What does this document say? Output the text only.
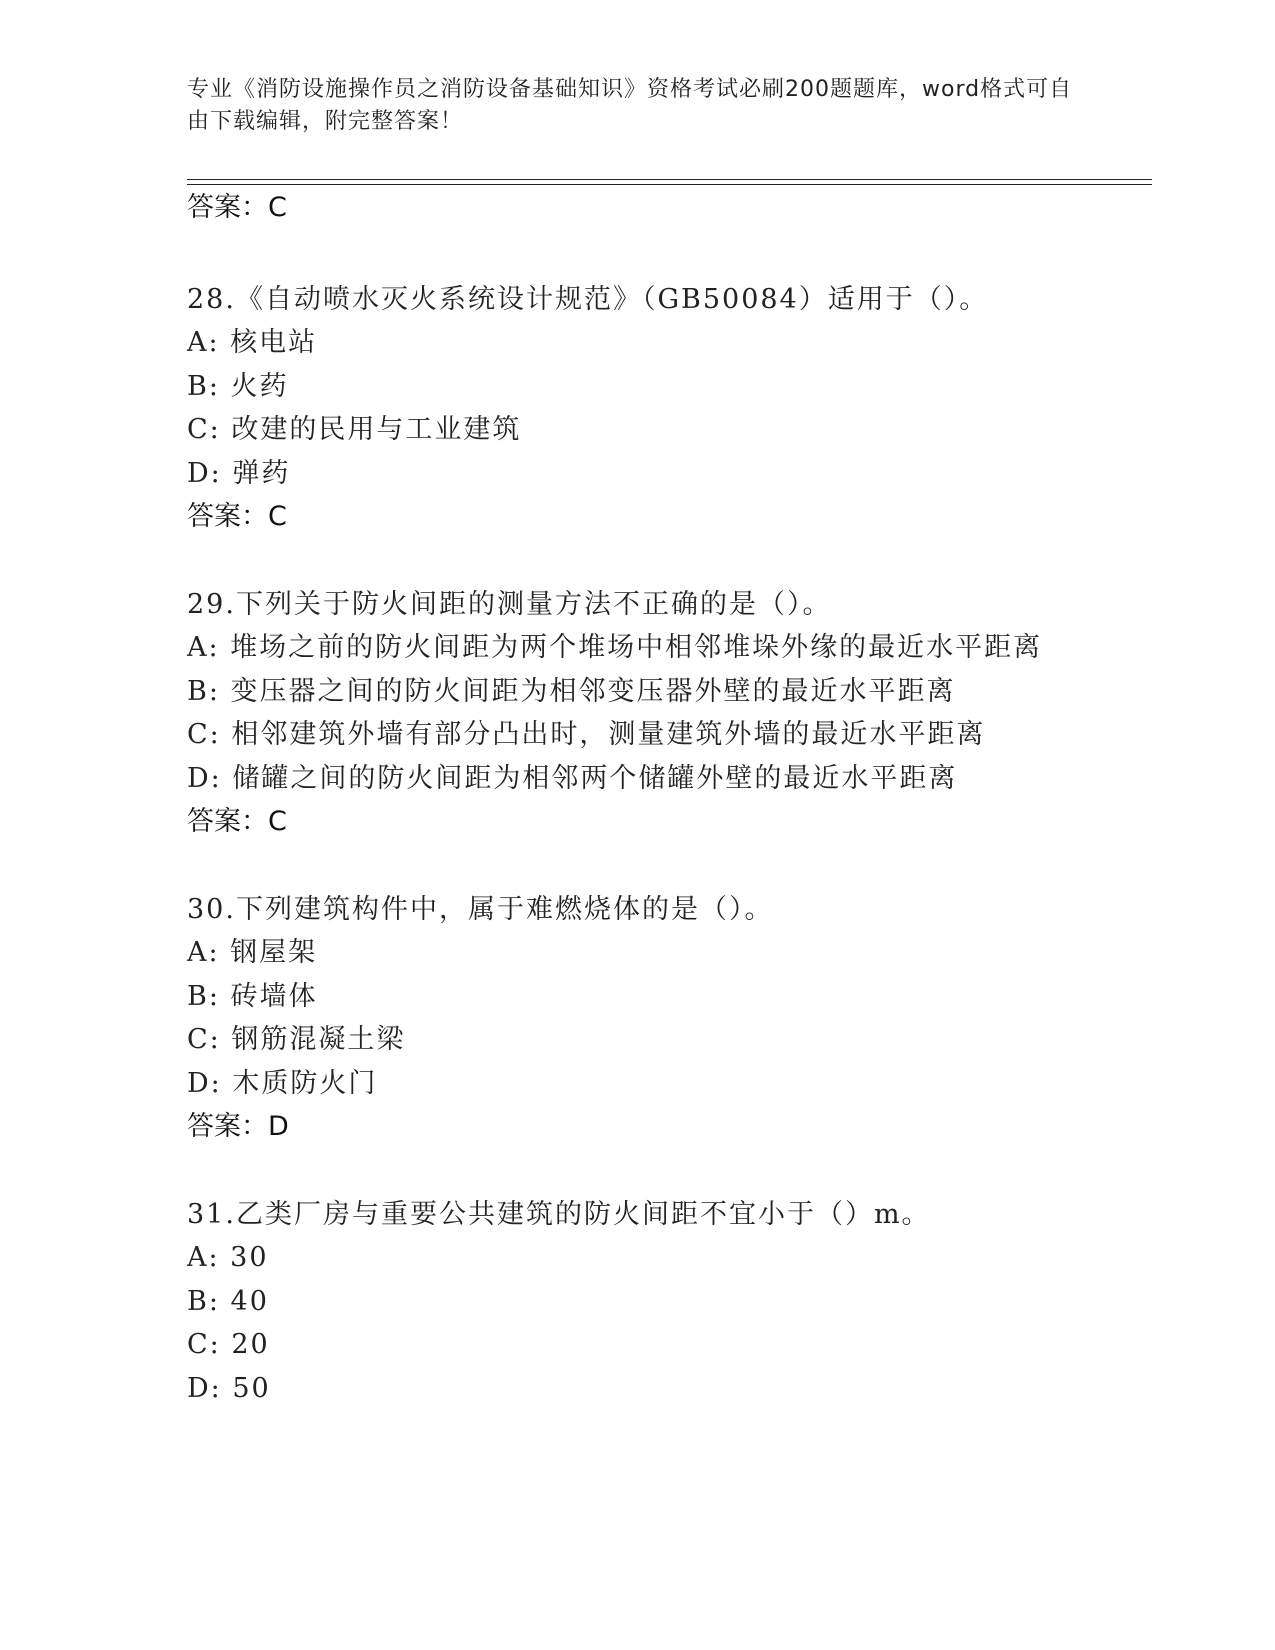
专业《消防设施操作员之消防设备基础知识》资格考试必刷200题题库，word格式可自由下载编辑，附完整答案！
答案：C
28.《自动喷水灭火系统设计规范》（GB50084）适用于（）。
A: 核电站
B: 火药
C: 改建的民用与工业建筑
D: 弹药
答案：C
29.下列关于防火间距的测量方法不正确的是（）。
A: 堆场之前的防火间距为两个堆场中相邻堆垛外缘的最近水平距离
B: 变压器之间的防火间距为相邻变压器外壁的最近水平距离
C: 相邻建筑外墙有部分凸出时，测量建筑外墙的最近水平距离
D: 储罐之间的防火间距为相邻两个储罐外壁的最近水平距离
答案：C
30.下列建筑构件中，属于难燃烧体的是（）。
A: 钢屋架
B: 砖墙体
C: 钢筋混凝土梁
D: 木质防火门
答案：D
31.乙类厂房与重要公共建筑的防火间距不宜小于（）m。
A: 30
B: 40
C: 20
D: 50
